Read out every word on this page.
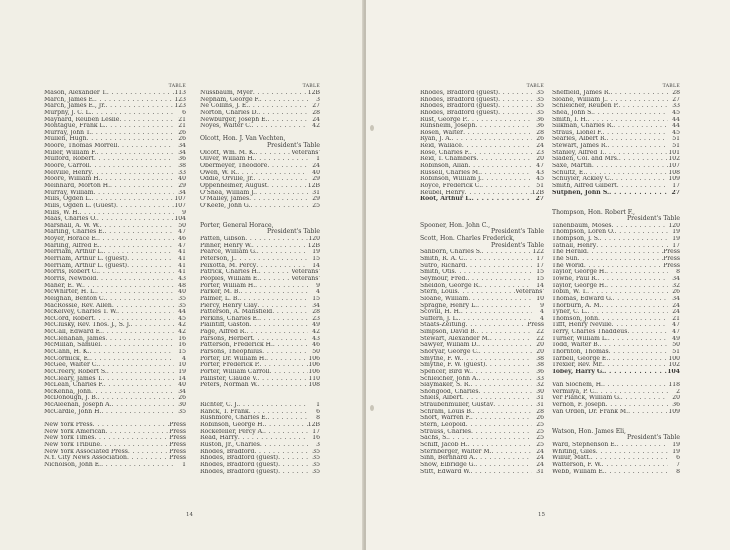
TABLE
Mason, Alexander T. . . .	113
March, James E. . . .	123
March, James E., Jr. . . .	123
Murphy, J. C. L. . . .	6
Maynard, Reuben Leslie . . .	21
Montague, Frank L. . . .	21
Murray, John T. . . .	26
Mullen, Hugh . . .	26
Moore, Thomas Morrell . . .	34
Miller, William F. . . .	34
Mulford, Robert . . .	36
Moore, Carroll . . .	38
Melville, Henry . . .	33
Moore, William H. . . .	40
Meinhard, Morton H. . . .	29
Murray, William . . .	34
Mills, Ogden L. . . .	107
Mills, Ogden L. (Guest) . . .	107
Mills, W. H. . . .	9
Maas, Charles O. . . .	104
Marshall, A. W. W. . . .	50
Marling, Charles E. . . .	47
Moyer, Horace E. . . .	46
Marling, Alfred E. . . .	47
Merriam, Arthur L. . . .	41
Merriam, Arthur L. (guest) . . .	41
Merriam, Arthur L. (guest) . . .	41
Morris, Robert C. . . .	41
Morris, Newbold . . .	43
Maher, E. W. . . .	48
McWhirter, H. L. . . .	40
Meighan, Benton C. . . .	35
MacRossie, Rev. Allen . . .	35
McKelvey, Charles T. W. . . .	44
McCord, Robert . . .	45
McClusky, Rev. Thos. J., S. J. . . .	42
McCall, Edward E. . . .	42
McClenahan, James . . .	16
McMillan, Samuel . . .	16
McCann, H. K. . . .	15
McCormick, E. . . .	4
McGee, Walter C. . . .	10
McCreery, Robert S. . . .	19
McCleary, James T. . . .	14
McLean, Charles F. . . .	40
McKenna, John . . .	34
McDonough, J. B. . . .	26
McAleenan, Joseph A. . . .	30
McCardle, John H. . . .	35
New York Press . . .	Press
New York American . . .	Press
New York Times . . .	Press
New York Tribune . . .	Press
New York Associated Press . . .	Press
N.Y. City News Association . . .	Press
Nicholson, John E. . . .	1
TABLE
Nussbaum, Myer . . .	12B
Nepham, George F. . . .	3
Ne Collins, J. E. . . .	27
Norton, Charles D. . . .	28
Newburger, Joseph E. . . .	24
Noyes, Walter C. . . .	42
Olcott, Hon. J. Van Vechten,
President's Table
Olcott, Wm. M. K. . . .	Veterans'
Oliver, William H. . . .	1
Obermeyer, Theodore . . .	24
Owen, W. R. . . .	40
Oddie, Orville, Jr. . . .	29
Oppenheimer, August . . .	12B
O'Shea, William J. . . .	31
O'Malley, James . . .	29
O'Keefe, John G. . . .	25
Porter, General Horace,
President's Table
Patten, Gibson . . .	120
Pinner, Henry W. . . .	12B
Pearce, William G. . . .	19
Peterson, J. . . .	15
Peixotta, M. Percy . . .	14
Patrick, Charles H. . . .	Veterans'
Peoples, William E. . . .	Veterans'
Porter, William H. . . .	9
Parker, M. B. . . .	4
Palmer, L. B. . . .	15
Piercy, Henry Clay . . .	34
Patterson, A. Mansfield . . .	28
Perkins, Charles E. . . .	23
Plaintiff, Gaston . . .	49
Page, Alfred R. . . .	42
Parsons, Herbert . . .	43
Patterson, Frederick H. . . .	46
Parsons, Theophilus . . .	50
Porter, Dr. William H. . . .	106
Porter, Frederick P. . . .	106
Porter, William Carroll . . .	106
Pallister, Claude V. . . .	110
Peters, Norman W. . . .	108
Richter, C. J. . . .	1
Ranck, T. Frank . . .	6
Rushmore, Charles E. . . .	8
Robinson, George H. . . .	12B
Rockefeller, Percy A. . . .	17
Read, Harry . . .	16
Ruston, Jr., Charles . . .	3
Rhodes, Bradford . . .	35
Rhodes, Bradford (guest) . . .	35
Rhodes, Bradford (guest) . . .	35
Rhodes, Bradford (guest) . . .	35
14
TABLE
Rhodes, Bradford (guest) . . .	35
Rhodes, Bradford (guest) . . .	35
Rhodes, Bradford (guest) . . .	35
Rhodes, Bradford (guest) . . .	35
Rust, George P. . . .	36
Runsheim, Joseph . . .	36
Rosen, Walter . . .	28
Ryan, J. A. . . .	26
Reid, Wallace . . .	24
Rose, Charles F. . . .	23
Reid, T. Chambers . . .	20
Robinson, Allan . . .	47
Russell, Charles M. . . .	43
Robinson, William J. . . .	45
Royce, Frederick C. . . .	51
Reubel, Henry . . .	12B
Root, Arthur L. . . .	27
Spooner, Hon. John C.,
President's Table
Scott, Hon. Charles Frederick,
President's Table
Sanborn, Charles S. . . .	122
Smith, R. A. C. . . .	17
Sutro, Richard . . .	17
Smith, Otis . . .	15
Seymour, Fred. . . .	15
Sheldon, George R. . . .	14
Stern, Louis . . .	Veterans'
Sloane, William . . .	10
Spragne, Henry L. . . .	9
Scovill, H. H. . . .	4
Suffern, J. L. . . .	4
Staats-Zeitung . . .	Press
Simpson, David B. . . .	22
Stewart, Alexander M. . . .	22
Sawyer, William D. . . .	20
Shoryar, George C. . . .	20
Smythe, F. W. . . .	38
Smythe, F. W. (guest) . . .	38
Spencer, Bird W. . . .	36
Schleicher, John A. . . .	33
Slaymaker, S. R. . . .	32
Shongood, Charles . . .	30
Shiels, Albert . . .	31
Straubenmüller, Gustav . . .	31
Schram, Louis B. . . .	28
Short, Warren F. . . .	26
Stern, Leopold . . .	25
Strauss, Charles . . .	25
Sachs, S. . . .	25
Schiff, Jacob H. . . .	25
Sternberger, Walter M. . . .	24
Sinn, Bernhard A. . . .	24
Snow, Elbridge G. . . .	24
Stitt, Edward W. . . .	31
TABLE
Sheffield, James R. . . .	28
Sloane, William J. . . .	27
Schleicher, Reuben P. . . .	33
Shea, John S. . . .	45
Smith, I. H. . . .	44
Silkman, Charles R. . . .	44
Straus, Lionel F. . . .	45
Searles, Albert R. . . .	51
Stewart, James R. . . .	51
Stanley, Alfred T. . . .	101
Sladen, Col. and Mrs. . . .	102
Saxe, Martin . . .	107
Schultz, E. . . .	108
Schuyler, Ackley C. . . .	109
Smith, Alfred Gilbert . . .	17
Sutphen, John S. . . .	27
Thompson, Hon. Robert F.,
President's Table
Tanenbaum, Moses . . .	120
Thompson, Loren O. . . .	19
Thompson, J. S. . . .	19
Tatnall, Henry . . .	17
The Herald . . .	Press
The Sun . . .	Press
The World . . .	Press
Taylor, George H. . . .	8
Towne, Paul R. . . .	34
Taylor, George H. . . .	32
Tobin, W. T. . . .	26
Thomas, Edward G. . . .	34
Thorburn, A. M. . . .	24
Tyner, C. L. . . .	24
Thomson, John . . .	21
Tifft, Henry Neville . . .	47
Terry, Charles Thaddeus . . .	47
Turner, William L. . . .	49
Todd, Walter B. . . .	50
Thornton, Thomas . . .	51
Tarbell, George E. . . .	100
Trexler, Rev. Mr. . . .	102
Tobey, Harry G. . . .	104
Van Slochem, H. . . .	118
Vermilya, P. C. . . .	2
Ver Planck, William G. . . .	20
Vernon, F. Joseph . . .	36
Van Orden, Dr. Frank M. . . .	109
Watson, Hon. James Eli,
President's Table
Ward, Stephenson E. . . .	19
Whiting, Giles . . .	19
Willur, Matt. . . .	6
Watterson, F. W. . . .	7
Webb, William E. . . .	8
15
